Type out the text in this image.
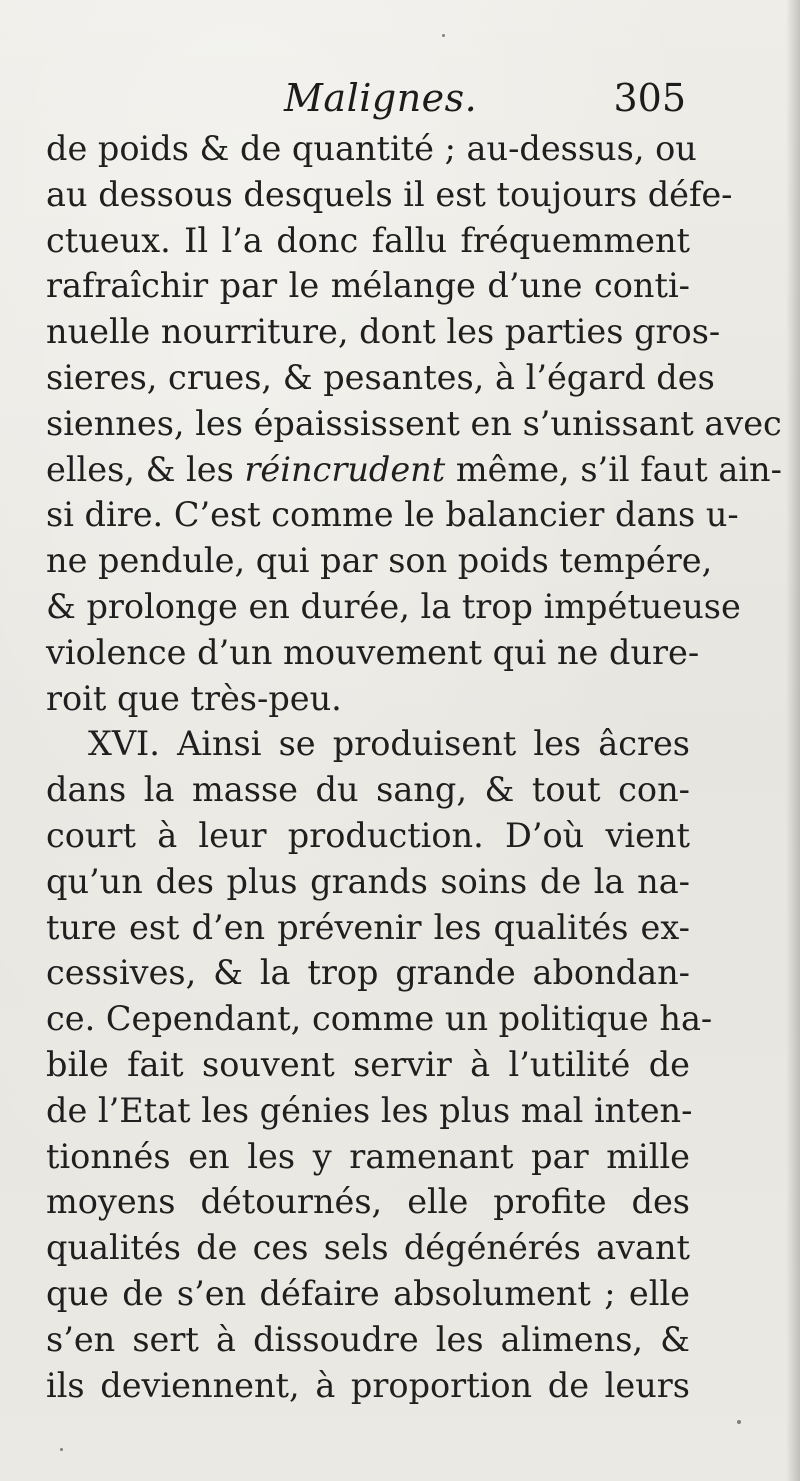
Malignes.	305
de poids & de quantité ; au-dessus, ou
au dessous desquels il est toujours défe-
ctueux. Il l’a donc fallu fréquemment
rafraîchir par le mélange d’une conti-
nuelle nourriture, dont les parties gros-
sieres, crues, & pesantes, à l’égard des
siennes, les épaississent en s’unissant avec
elles, & les réincrudent même, s’il faut ain-
si dire. C’est comme le balancier dans u-
ne pendule, qui par son poids tempére,
& prolonge en durée, la trop impétueuse
violence d’un mouvement qui ne dure-
roit que très-peu.
XVI. Ainsi se produisent les âcres
dans la masse du sang, & tout con-
court à leur production. D’où vient
qu’un des plus grands soins de la na-
ture est d’en prévenir les qualités ex-
cessives, & la trop grande abondan-
ce. Cependant, comme un politique ha-
bile fait souvent servir à l’utilité de
de l’Etat les génies les plus mal inten-
tionnés en les y ramenant par mille
moyens détournés, elle profite des
qualités de ces sels dégénérés avant
que de s’en défaire absolument ; elle
s’en sert à dissoudre les alimens, &
ils deviennent, à proportion de leurs
